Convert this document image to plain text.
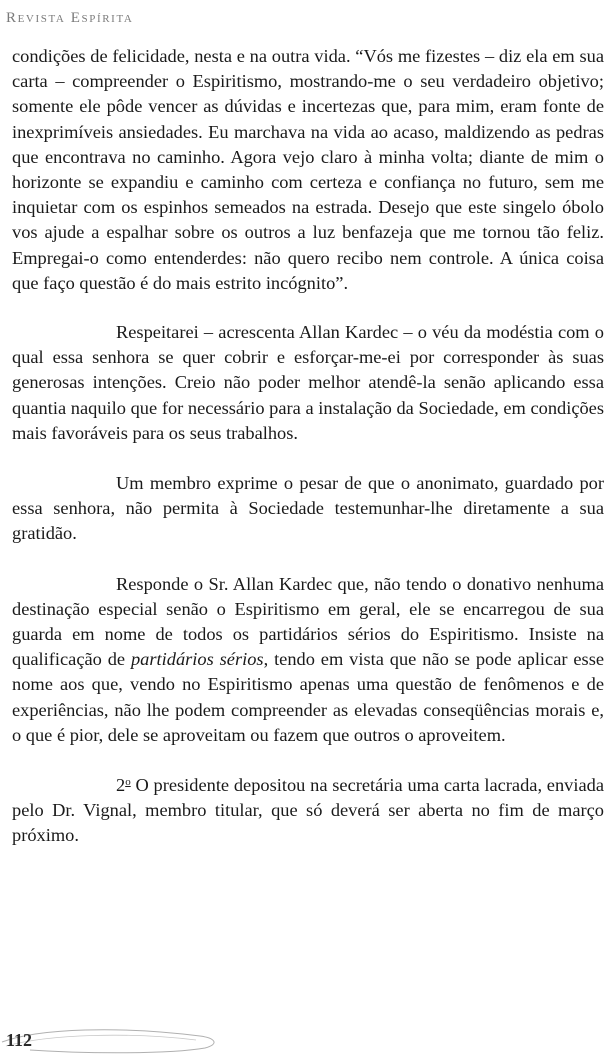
Revista Espírita

condições de felicidade, nesta e na outra vida. “Vós me fizestes – diz ela em sua carta – compreender o Espiritismo, mostrando-me o seu verdadeiro objetivo; somente ele pôde vencer as dúvidas e incertezas que, para mim, eram fonte de inexprimíveis ansiedades. Eu marchava na vida ao acaso, maldizendo as pedras que encontrava no caminho. Agora vejo claro à minha volta; diante de mim o horizonte se expandiu e caminho com certeza e confiança no futuro, sem me inquietar com os espinhos semeados na estrada. Desejo que este singelo óbolo vos ajude a espalhar sobre os outros a luz benfazeja que me tornou tão feliz. Empregai-o como entenderdes: não quero recibo nem controle. A única coisa que faço questão é do mais estrito incógnito”.

Respeitarei – acrescenta Allan Kardec – o véu da modéstia com o qual essa senhora se quer cobrir e esforçar-me-ei por corresponder às suas generosas intenções. Creio não poder melhor atendê-la senão aplicando essa quantia naquilo que for necessário para a instalação da Sociedade, em condições mais favoráveis para os seus trabalhos.

Um membro exprime o pesar de que o anonimato, guardado por essa senhora, não permita à Sociedade testemunhar-lhe diretamente a sua gratidão.

Responde o Sr. Allan Kardec que, não tendo o donativo nenhuma destinação especial senão o Espiritismo em geral, ele se encarregou de sua guarda em nome de todos os partidários sérios do Espiritismo. Insiste na qualificação de partidários sérios, tendo em vista que não se pode aplicar esse nome aos que, vendo no Espiritismo apenas uma questão de fenômenos e de experiências, não lhe podem compreender as elevadas conseqüências morais e, o que é pior, dele se aproveitam ou fazem que outros o aproveitem.

2$^o$ O presidente depositou na secretária uma carta lacrada, enviada pelo Dr. Vignal, membro titular, que só deverá ser aberta no fim de março próximo.

112
